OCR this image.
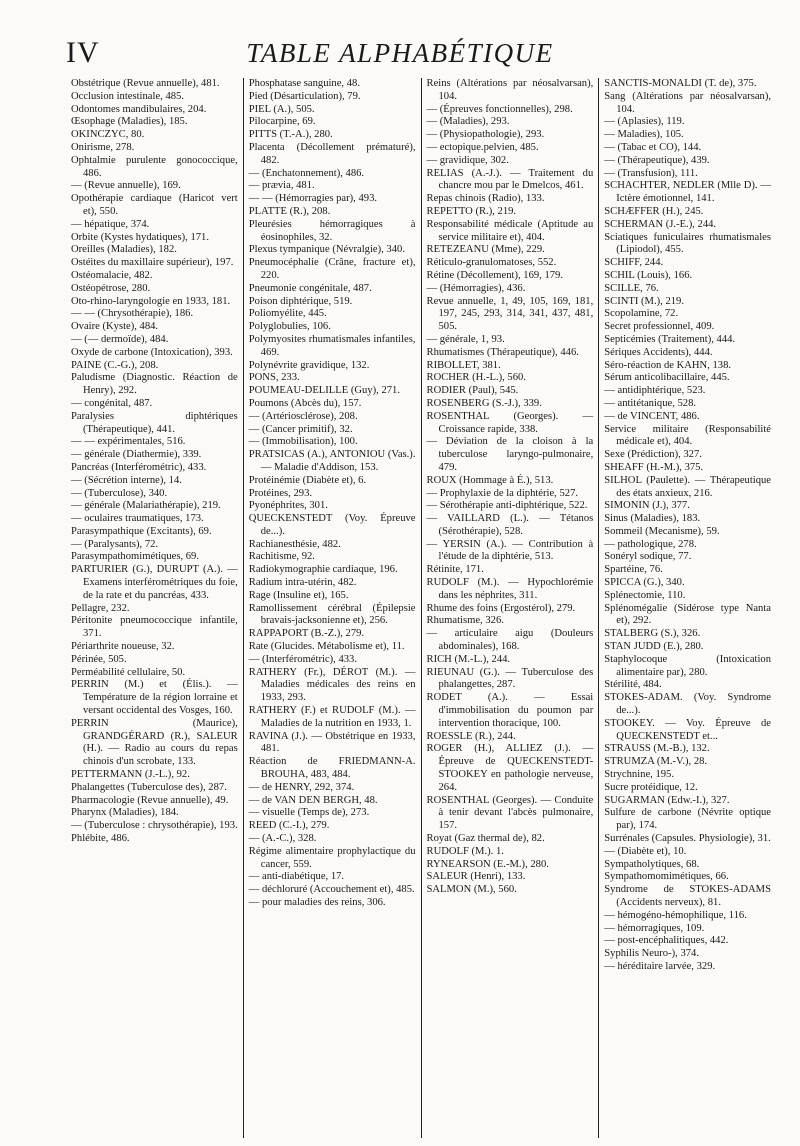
IV	TABLE ALPHABÉTIQUE
Obstétrique (Revue annuelle), 481.
Occlusion intestinale, 485.
Odontomes mandibulaires, 204.
Œsophage (Maladies), 185.
OKINCZYC, 80.
Onirisme, 278.
Ophtalmie purulente gonococcique, 486.
— (Revue annuelle), 169.
Opothérapie cardiaque (Haricot vert et), 550.
— hépatique, 374.
Orbite (Kystes hydatiques), 171.
Oreilles (Maladies), 182.
Ostéites du maxillaire supérieur), 197.
Ostéomalacie, 482.
Ostéopétrose, 280.
Oto-rhino-laryngologie en 1933, 181.
— — (Chrysothérapie), 186.
Ovaire (Kyste), 484.
— (— dermoïde), 484.
Oxyde de carbone (Intoxication), 393.
PAINE (C.-G.), 208.
Paludisme (Diagnostic. Réaction de Henry), 292.
— congénital, 487.
Paralysies diphtériques (Thérapeutique), 441.
— — expérimentales, 516.
— générale (Diathermie), 339.
Pancréas (Interférométric), 433.
— (Sécrétion interne), 14.
— (Tuberculose), 340.
— générale (Malariathérapie), 219.
— oculaires traumatiques, 173.
Parasympathique (Excitants), 69.
— (Paralysants), 72.
Parasympathomimétiques, 69.
PARTURIER (G.), DURUPT (A.). — Examens interférométriques du foie, de la rate et du pancréas, 433.
Pellagre, 232.
Péritonite pneumococcique infantile, 371.
Périarthrite noueuse, 32.
Périnée, 505.
Perméabilité cellulaire, 50.
PERRIN (M.) et (Élis.). — Température de la région lorraine et versant occidental des Vosges, 160.
PERRIN (Maurice), GRANDGÉRARD (R.), SALEUR (H.). — Radio au cours du repas chinois d'un scrobate, 133.
PETTERMANN (J.-L.), 92.
Phalangettes (Tuberculose des), 287.
Pharmacologie (Revue annuelle), 49.
Pharynx (Maladies), 184.
— (Tuberculose : chrysothérapie), 193.
Phlébite, 486.
Phosphatase sanguine, 48.
Pied (Désarticulation), 79.
PIEL (A.), 505.
Pilocarpine, 69.
PITTS (T.-A.), 280.
Placenta (Décollement prématuré), 482.
— (Enchatonnement), 486.
— prævia, 481.
— — (Hémorragies par), 493.
PLATTE (R.), 208.
Pleurésies hémorragiques à éosinophiles, 32.
Plexus tympanique (Névralgie), 340.
Pneumocéphalie (Crâne, fracture et), 220.
Pneumonie congénitale, 487.
Poison diphtérique, 519.
Poliomyélite, 445.
Polyglobulies, 106.
Polymyosites rhumatismales infantiles, 469.
Polynévrite gravidique, 132.
PONS, 233.
POUMEAU-DELILLE (Guy), 271.
Poumons (Abcès du), 157.
— (Artériosclérose), 208.
— (Cancer primitif), 32.
— (Immobilisation), 100.
PRATSICAS (A.), ANTONIOU (Vas.). — Maladie d'Addison, 153.
Protéinémie (Diabète et), 6.
Protéines, 293.
Pyonéphrites, 301.
QUECKENSTEDT (Voy. Épreuve de...).
Rachianesthésie, 482.
Rachitisme, 92.
Radiokymographie cardiaque, 196.
Radium intra-utérin, 482.
Rage (Insuline et), 165.
Ramollissement cérébral (Épilepsie bravais-jacksonienne et), 256.
RAPPAPORT (B.-Z.), 279.
Rate (Glucides. Métabolisme et), 11.
— (Interférométric), 433.
RATHERY (Fr.), DÉROT (M.). — Maladies médicales des reins en 1933, 293.
RATHERY (F.) et RUDOLF (M.). — Maladies de la nutrition en 1933, 1.
RAVINA (J.). — Obstétrique en 1933, 481.
Réaction de FRIEDMANN-A. BROUHA, 483, 484.
— de HENRY, 292, 374.
— de VAN DEN BERGH, 48.
— visuelle (Temps de), 273.
REED (C.-I.), 279.
— (A.-C.), 328.
Régime alimentaire prophylactique du cancer, 559.
— anti-diabétique, 17.
— déchloruré (Accouchement et), 485.
— pour maladies des reins, 306.
Reins (Altérations par néosalvarsan), 104.
— (Épreuves fonctionnelles), 298.
— (Maladies), 293.
— (Physiopathologie), 293.
— ectopique.pelvien, 485.
— gravidique, 302.
RELIAS (A.-J.). — Traitement du chancre mou par le Dmelcos, 461.
Repas chinois (Radio), 133.
REPETTO (R.), 219.
Responsabilité médicale (Aptitude au service militaire et), 404.
RETEZEANU (Mme), 229.
Réticulo-granulomatoses, 552.
Rétine (Décollement), 169, 179.
— (Hémorragies), 436.
Revue annuelle, 1, 49, 105, 169, 181, 197, 245, 293, 314, 341, 437, 481, 505.
— générale, 1, 93.
Rhumatismes (Thérapeutique), 446.
RIBOLLET, 381.
ROCHER (H.-L.), 560.
RODIER (Paul), 545.
ROSENBERG (S.-J.), 339.
ROSENTHAL (Georges). — Croissance rapide, 338.
— Déviation de la cloison à la tuberculose laryngo-pulmonaire, 479.
ROUX (Hommage à É.), 513.
— Prophylaxie de la diphtérie, 527.
— Sérothérapie anti-diphtérique, 522.
— VAILLARD (L.). — Tétanos (Sérothérapie), 528.
— YERSIN (A.). — Contribution à l'étude de la diphtérie, 513.
Rétinite, 171.
RUDOLF (M.). — Hypochlorémie dans les néphrites, 311.
Rhume des foins (Ergostérol), 279.
Rhumatisme, 326.
— articulaire aigu (Douleurs abdominales), 168.
RICH (M.-L.), 244.
RIEUNAU (G.). — Tuberculose des phalangettes, 287.
RODET (A.). — Essai d'immobilisation du poumon par intervention thoracique, 100.
ROESSLE (R.), 244.
ROGER (H.), ALLIEZ (J.). — Épreuve de QUECKENSTEDT-STOOKEY en pathologie nerveuse, 264.
ROSENTHAL (Georges). — Conduite à tenir devant l'abcès pulmonaire, 157.
Royat (Gaz thermal de), 82.
RUDOLF (M.). 1.
RYNEARSON (E.-M.), 280.
SALEUR (Henri), 133.
SALMON (M.), 560.
SANCTIS-MONALDI (T. de), 375.
Sang (Altérations par néosalvarsan), 104.
— (Aplasies), 119.
— Maladies), 105.
— (Tabac et CO), 144.
— (Thérapeutique), 439.
— (Transfusion), 111.
SCHACHTER, NEDLER (Mlle D). — Ictère émotionnel, 141.
SCHÆFFER (H.), 245.
SCHERMAN (J.-E.), 244.
Sciatiques funiculaires rhumatismales (Lipiodol), 455.
SCHIFF, 244.
SCHIL (Louis), 166.
SCILLE, 76.
SCINTI (M.), 219.
Scopolamine, 72.
Secret professionnel, 409.
Septicémies (Traitement), 444.
Sériques Accidents), 444.
Séro-réaction de KAHN, 138.
Sérum anticolibacillaire, 445.
— antidiphtérique, 523.
— antitétanique, 528.
— de VINCENT, 486.
Service militaire (Responsabilité médicale et), 404.
Sexe (Prédiction), 327.
SHEAFF (H.-M.), 375.
SILHOL (Paulette). — Thérapeutique des états anxieux, 216.
SIMONIN (J.), 377.
Sinus (Maladies), 183.
Sommeil (Mecanisme), 59.
— pathologique, 278.
Sonéryl sodique, 77.
Spartéine, 76.
SPICCA (G.), 340.
Splénectomie, 110.
Splénomégalie (Sidérose type Nanta et), 292.
STALBERG (S.), 326.
STAN JUDD (E.), 280.
Staphylocoque (Intoxication alimentaire par), 280.
Stérilité, 484.
STOKES-ADAM. (Voy. Syndrome de...).
STOOKEY. — Voy. Épreuve de QUECKENSTEDT et...
STRAUSS (M.-B.), 132.
STRUMZA (M.-V.), 28.
Strychnine, 195.
Sucre protéidique, 12.
SUGARMAN (Edw.-I.), 327.
Sulfure de carbone (Névrite optique par), 174.
Surrénales (Capsules. Physiologie), 31.
— (Diabète et), 10.
Sympatholytiques, 68.
Sympathomomimétiques, 66.
Syndrome de STOKES-ADAMS (Accidents nerveux), 81.
— hémogéno-hémophilique, 116.
— hémorragiques, 109.
— post-encéphalitiques, 442.
Syphilis Neuro-), 374.
— héréditaire larvée, 329.
